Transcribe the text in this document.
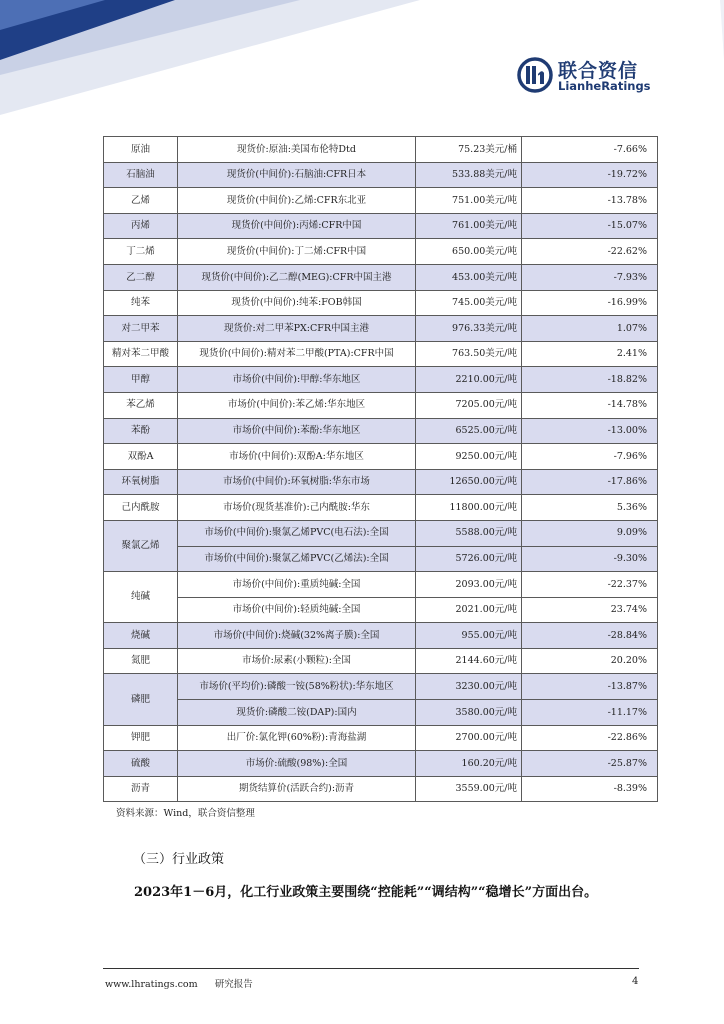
联合资信
LianheRatings
原油	现货价:原油:美国布伦特Dtd	75.23美元/桶	-7.66%
石脑油	现货价(中间价):石脑油:CFR日本	533.88美元/吨	-19.72%
乙烯	现货价(中间价):乙烯:CFR东北亚	751.00美元/吨	-13.78%
丙烯	现货价(中间价):丙烯:CFR中国	761.00美元/吨	-15.07%
丁二烯	现货价(中间价):丁二烯:CFR中国	650.00美元/吨	-22.62%
乙二醇	现货价(中间价):乙二醇(MEG):CFR中国主港	453.00美元/吨	-7.93%
纯苯	现货价(中间价):纯苯:FOB韩国	745.00美元/吨	-16.99%
对二甲苯	现货价:对二甲苯PX:CFR中国主港	976.33美元/吨	1.07%
精对苯二甲酸	现货价(中间价):精对苯二甲酸(PTA):CFR中国	763.50美元/吨	2.41%
甲醇	市场价(中间价):甲醇:华东地区	2210.00元/吨	-18.82%
苯乙烯	市场价(中间价):苯乙烯:华东地区	7205.00元/吨	-14.78%
苯酚	市场价(中间价):苯酚:华东地区	6525.00元/吨	-13.00%
双酚A	市场价(中间价):双酚A:华东地区	9250.00元/吨	-7.96%
环氧树脂	市场价(中间价):环氧树脂:华东市场	12650.00元/吨	-17.86%
己内酰胺	市场价(现货基准价):己内酰胺:华东	11800.00元/吨	5.36%
聚氯乙烯	市场价(中间价):聚氯乙烯PVC(电石法):全国	5588.00元/吨	9.09%
	市场价(中间价):聚氯乙烯PVC(乙烯法):全国	5726.00元/吨	-9.30%
纯碱	市场价(中间价):重质纯碱:全国	2093.00元/吨	-22.37%
	市场价(中间价):轻质纯碱:全国	2021.00元/吨	23.74%
烧碱	市场价(中间价):烧碱(32%离子膜):全国	955.00元/吨	-28.84%
氮肥	市场价:尿素(小颗粒):全国	2144.60元/吨	20.20%
磷肥	市场价(平均价):磷酸一铵(58%粉状):华东地区	3230.00元/吨	-13.87%
	现货价:磷酸二铵(DAP):国内	3580.00元/吨	-11.17%
钾肥	出厂价:氯化钾(60%粉):青海盐湖	2700.00元/吨	-22.86%
硫酸	市场价:硫酸(98%):全国	160.20元/吨	-25.87%
沥青	期货结算价(活跃合约):沥青	3559.00元/吨	-8.39%
资料来源：Wind，联合资信整理
（三）行业政策
2023年1－6月，化工行业政策主要围绕“控能耗”“调结构”“稳增长”方面出台。
www.lhratings.com 研究报告	4
